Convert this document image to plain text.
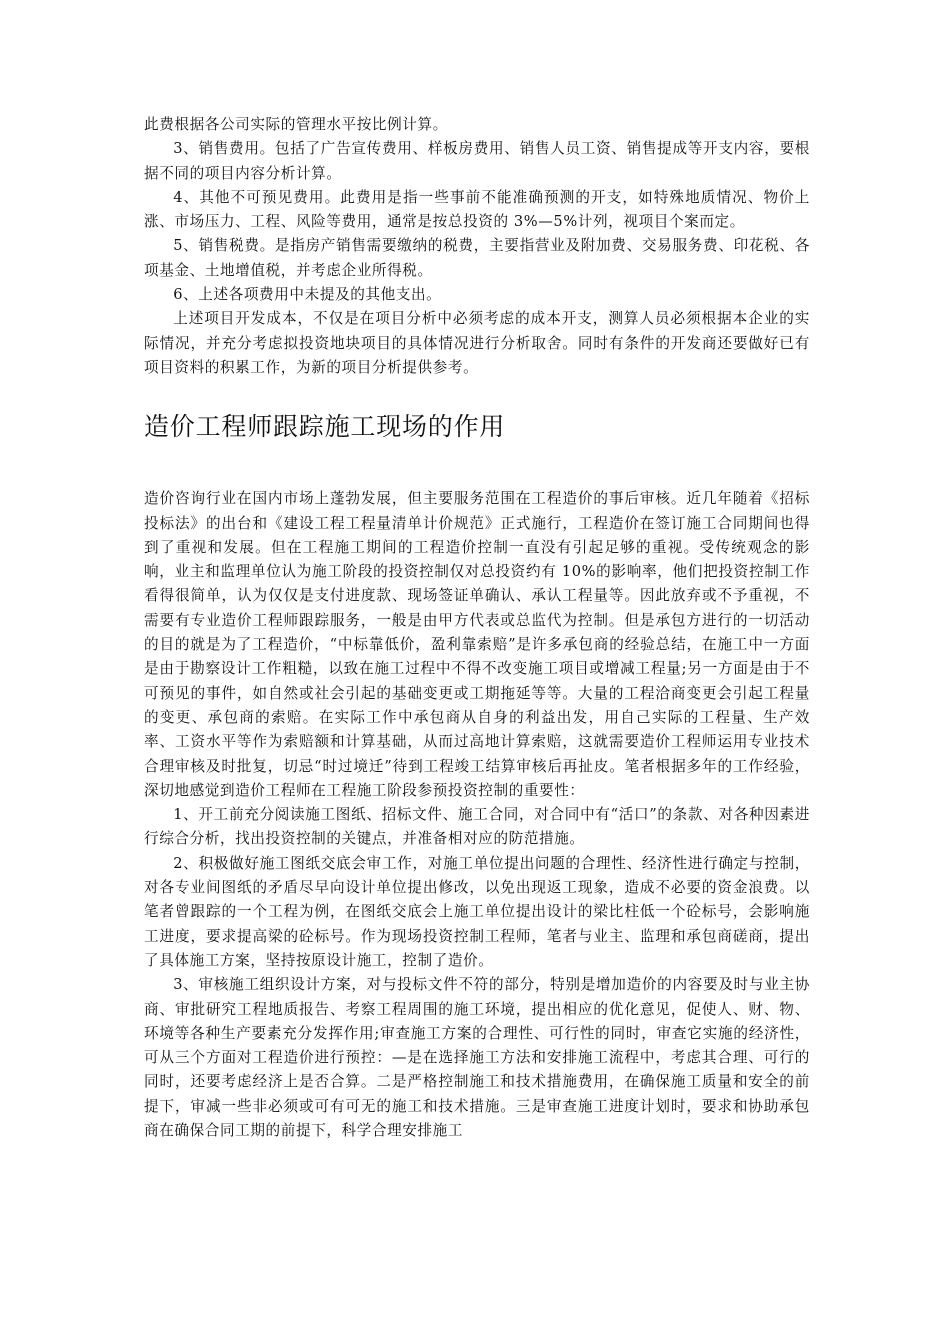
此费根据各公司实际的管理水平按比例计算。

3、销售费用。包括了广告宣传费用、样板房费用、销售人员工资、销售提成等开支内容，要根据不同的项目内容分析计算。

4、其他不可预见费用。此费用是指一些事前不能准确预测的开支，如特殊地质情况、物价上涨、市场压力、工程、风险等费用，通常是按总投资的 3%—5%计列，视项目个案而定。

5、销售税费。是指房产销售需要缴纳的税费，主要指营业及附加费、交易服务费、印花税、各项基金、土地增值税，并考虑企业所得税。

6、上述各项费用中未提及的其他支出。

上述项目开发成本，不仅是在项目分析中必须考虑的成本开支，测算人员必须根据本企业的实际情况，并充分考虑拟投资地块项目的具体情况进行分析取舍。同时有条件的开发商还要做好已有项目资料的积累工作，为新的项目分析提供参考。

造价工程师跟踪施工现场的作用

造价咨询行业在国内市场上蓬勃发展，但主要服务范围在工程造价的事后审核。近几年随着《招标投标法》的出台和《建设工程工程量清单计价规范》正式施行，工程造价在签订施工合同期间也得到了重视和发展。但在工程施工期间的工程造价控制一直没有引起足够的重视。受传统观念的影响，业主和监理单位认为施工阶段的投资控制仅对总投资约有 10%的影响率，他们把投资控制工作看得很简单，认为仅仅是支付进度款、现场签证单确认、承认工程量等。因此放弃或不予重视，不需要有专业造价工程师跟踪服务，一般是由甲方代表或总监代为控制。但是承包方进行的一切活动的目的就是为了工程造价，“中标靠低价，盈利靠索赔”是许多承包商的经验总结，在施工中一方面是由于勘察设计工作粗糙，以致在施工过程中不得不改变施工项目或增减工程量;另一方面是由于不可预见的事件，如自然或社会引起的基础变更或工期拖延等等。大量的工程洽商变更会引起工程量的变更、承包商的索赔。在实际工作中承包商从自身的利益出发，用自己实际的工程量、生产效率、工资水平等作为索赔额和计算基础，从而过高地计算索赔，这就需要造价工程师运用专业技术合理审核及时批复，切忌“时过境迁”待到工程竣工结算审核后再扯皮。笔者根据多年的工作经验，深切地感觉到造价工程师在工程施工阶段参预投资控制的重要性：

1、开工前充分阅读施工图纸、招标文件、施工合同，对合同中有“活口”的条款、对各种因素进行综合分析，找出投资控制的关键点，并准备相对应的防范措施。

2、积极做好施工图纸交底会审工作，对施工单位提出问题的合理性、经济性进行确定与控制，对各专业间图纸的矛盾尽早向设计单位提出修改，以免出现返工现象，造成不必要的资金浪费。以笔者曾跟踪的一个工程为例，在图纸交底会上施工单位提出设计的梁比柱低一个砼标号，会影响施工进度，要求提高梁的砼标号。作为现场投资控制工程师，笔者与业主、监理和承包商磋商，提出了具体施工方案，坚持按原设计施工，控制了造价。

3、审核施工组织设计方案，对与投标文件不符的部分，特别是增加造价的内容要及时与业主协商、审批研究工程地质报告、考察工程周围的施工环境，提出相应的优化意见，促使人、财、物、环境等各种生产要素充分发挥作用;审查施工方案的合理性、可行性的同时，审查它实施的经济性，可从三个方面对工程造价进行预控：—是在选择施工方法和安排施工流程中，考虑其合理、可行的同时，还要考虑经济上是否合算。二是严格控制施工和技术措施费用，在确保施工质量和安全的前提下，审减一些非必须或可有可无的施工和技术措施。三是审查施工进度计划时，要求和协助承包商在确保合同工期的前提下，科学合理安排施工
